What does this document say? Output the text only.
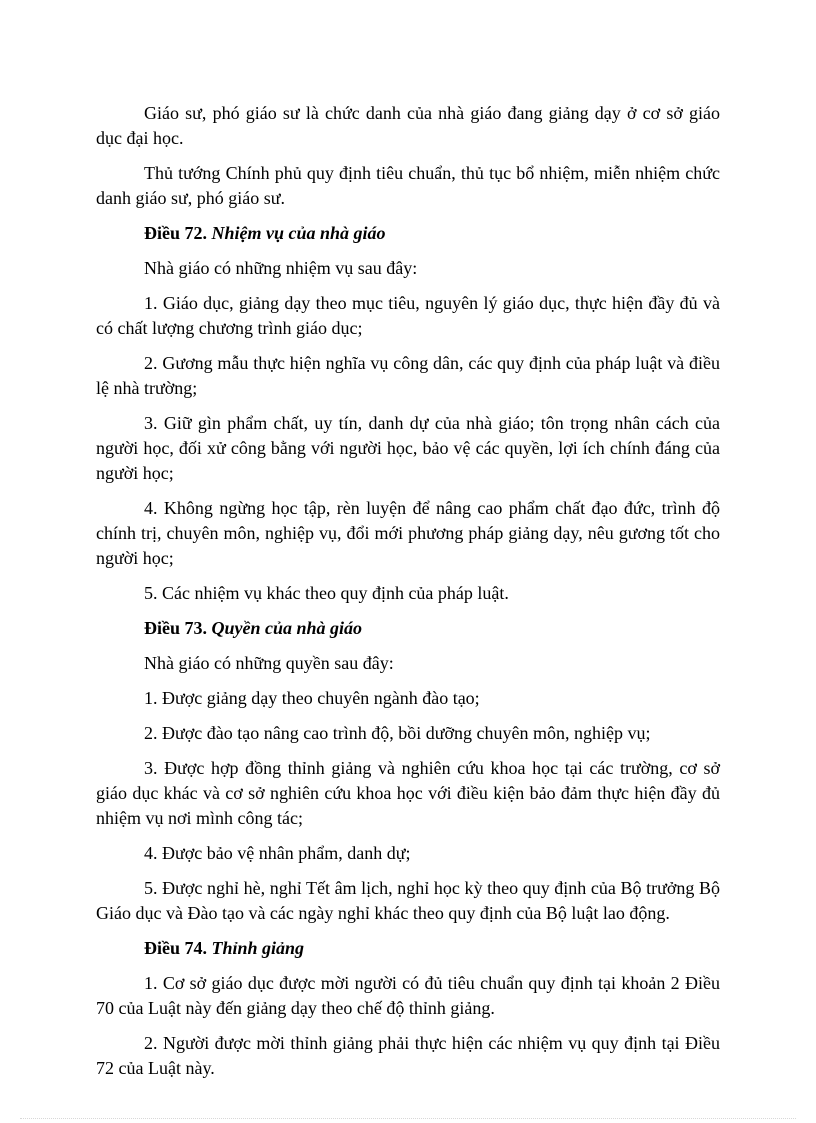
Giáo sư, phó giáo sư là chức danh của nhà giáo đang giảng dạy ở cơ sở giáo dục đại học.

Thủ tướng Chính phủ quy định tiêu chuẩn, thủ tục bổ nhiệm, miễn nhiệm chức danh giáo sư, phó giáo sư.

Điều 72. Nhiệm vụ của nhà giáo

Nhà giáo có những nhiệm vụ sau đây:

1. Giáo dục, giảng dạy theo mục tiêu, nguyên lý giáo dục, thực hiện đầy đủ và có chất lượng chương trình giáo dục;

2. Gương mẫu thực hiện nghĩa vụ công dân, các quy định của pháp luật và điều lệ nhà trường;

3. Giữ gìn phẩm chất, uy tín, danh dự của nhà giáo; tôn trọng nhân cách của người học, đối xử công bằng với người học, bảo vệ các quyền, lợi ích chính đáng của người học;

4. Không ngừng học tập, rèn luyện để nâng cao phẩm chất đạo đức, trình độ chính trị, chuyên môn, nghiệp vụ, đổi mới phương pháp giảng dạy, nêu gương tốt cho người học;

5. Các nhiệm vụ khác theo quy định của pháp luật.

Điều 73. Quyền của nhà giáo

Nhà giáo có những quyền sau đây:

1. Được giảng dạy theo chuyên ngành đào tạo;

2. Được đào tạo nâng cao trình độ, bồi dưỡng chuyên môn, nghiệp vụ;

3. Được hợp đồng thỉnh giảng và nghiên cứu khoa học tại các trường, cơ sở giáo dục khác và cơ sở nghiên cứu khoa học với điều kiện bảo đảm thực hiện đầy đủ nhiệm vụ nơi mình công tác;

4. Được bảo vệ nhân phẩm, danh dự;

5. Được nghỉ hè, nghỉ Tết âm lịch, nghỉ học kỳ theo quy định của Bộ trưởng Bộ Giáo dục và Đào tạo và các ngày nghỉ khác theo quy định của Bộ luật lao động.

Điều 74. Thỉnh giảng

1. Cơ sở giáo dục được mời người có đủ tiêu chuẩn quy định tại khoản 2 Điều 70 của Luật này đến giảng dạy theo chế độ thỉnh giảng.

2. Người được mời thỉnh giảng phải thực hiện các nhiệm vụ quy định tại Điều 72 của Luật này.
